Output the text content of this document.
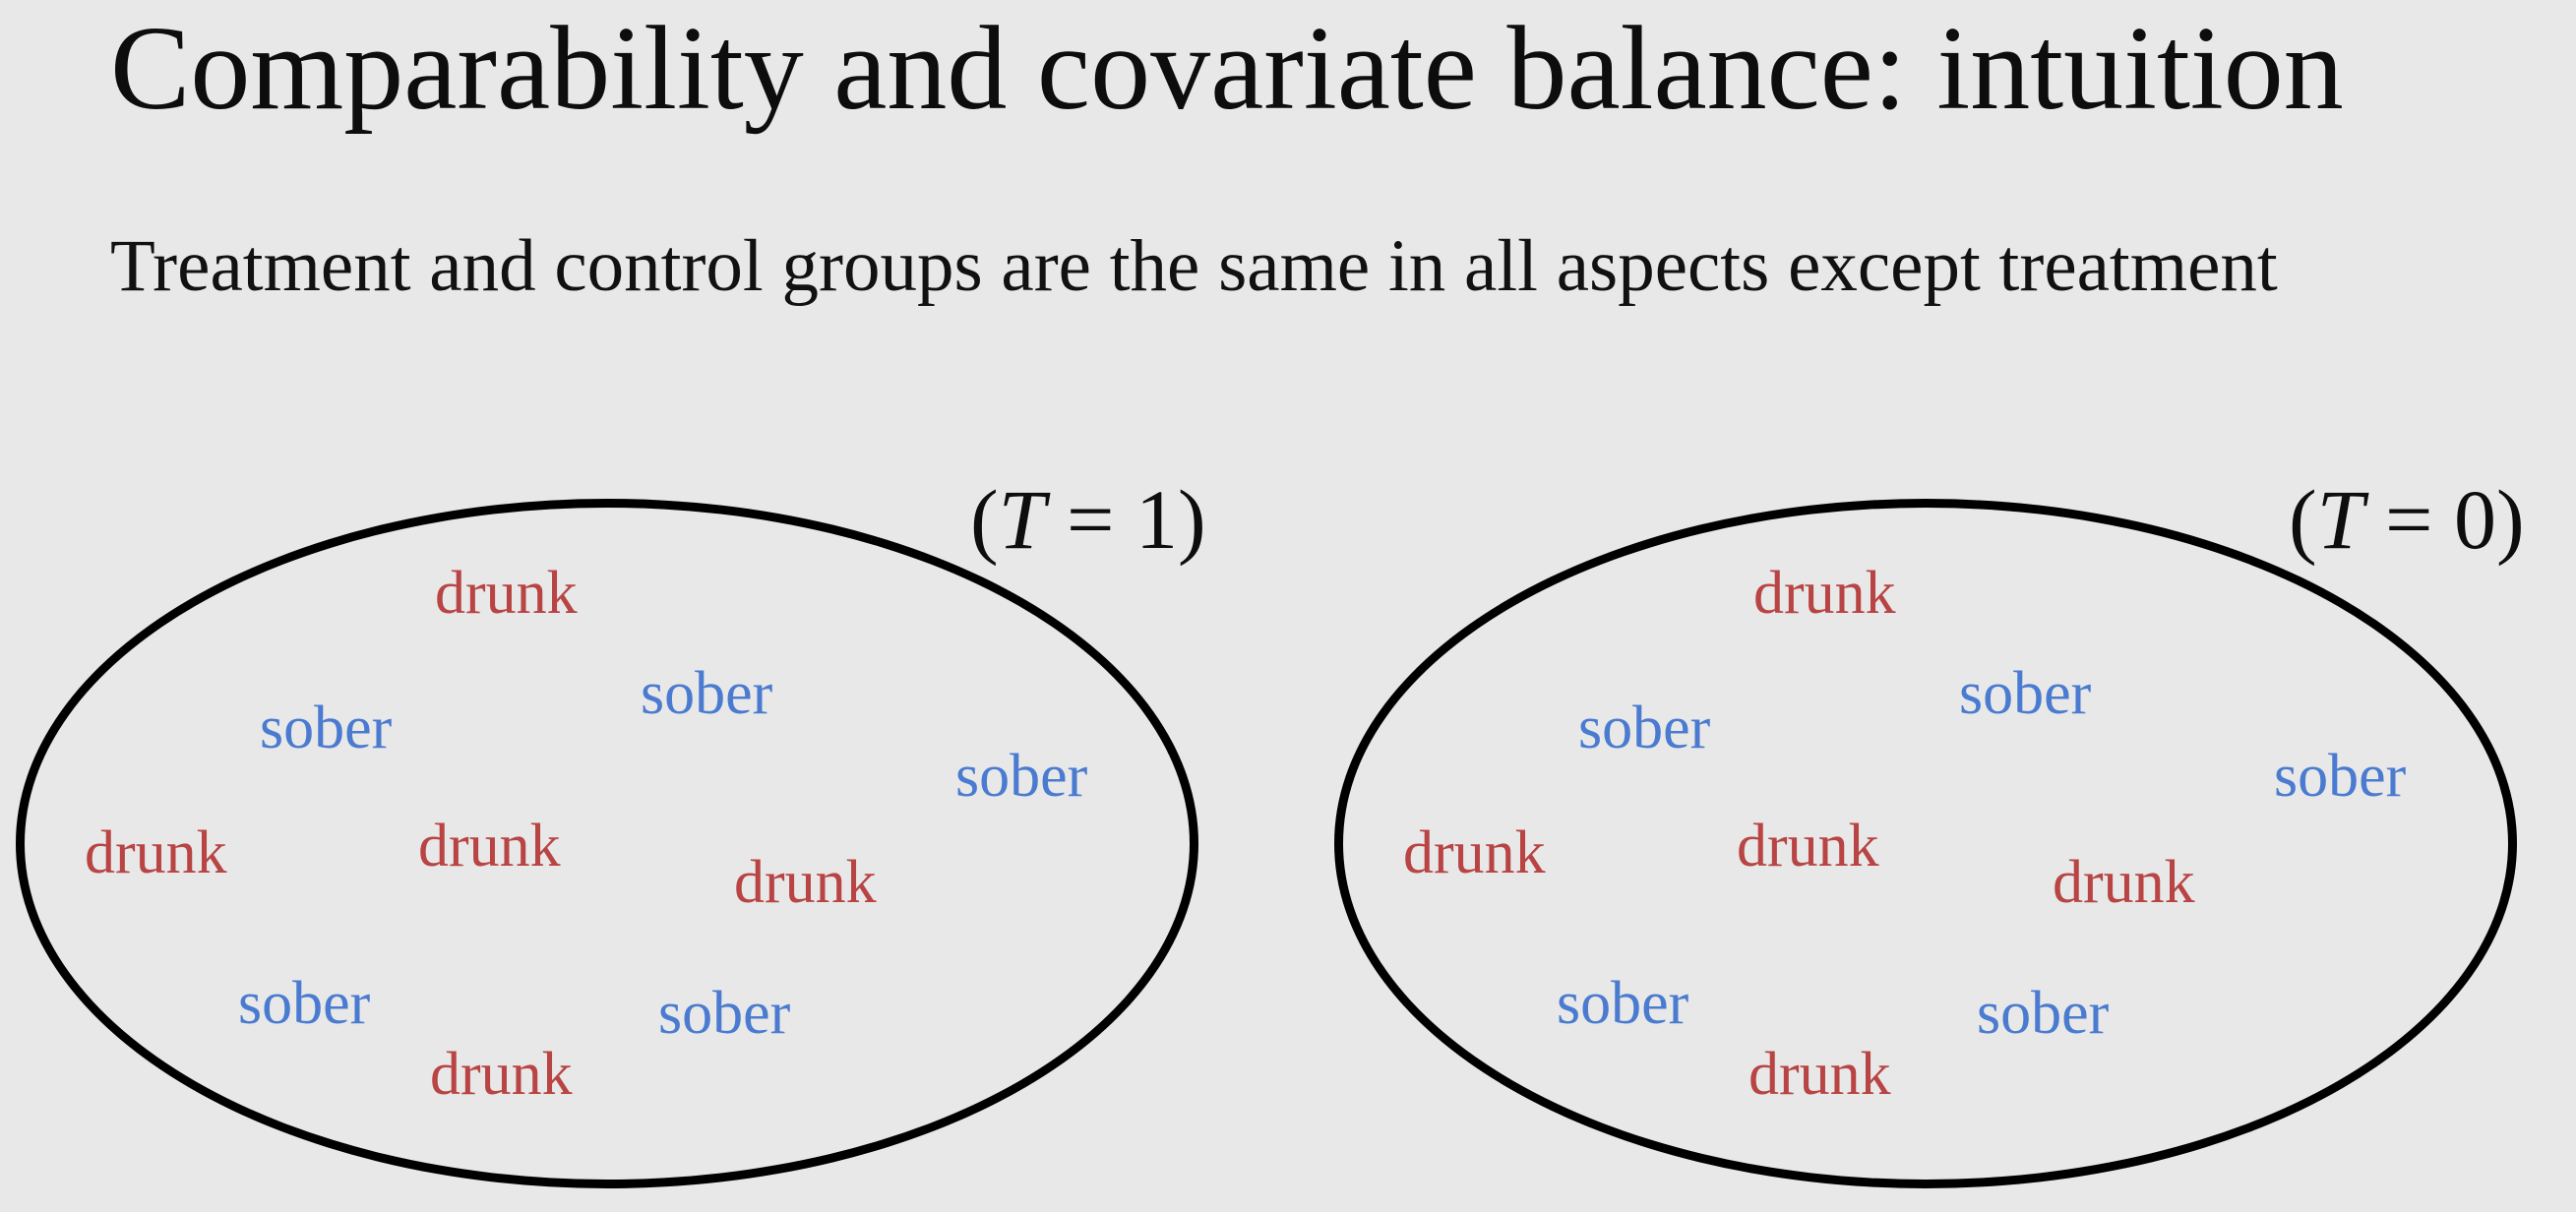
Comparability and covariate balance: intuition
Treatment and control groups are the same in all aspects except treatment
(T = 1)
drunk
sober
sober
sober
drunk	drunk
drunk
sober	sober
drunk
(T = 0)
drunk
sober
sober
sober
drunk	drunk
drunk
sober	sober
drunk
